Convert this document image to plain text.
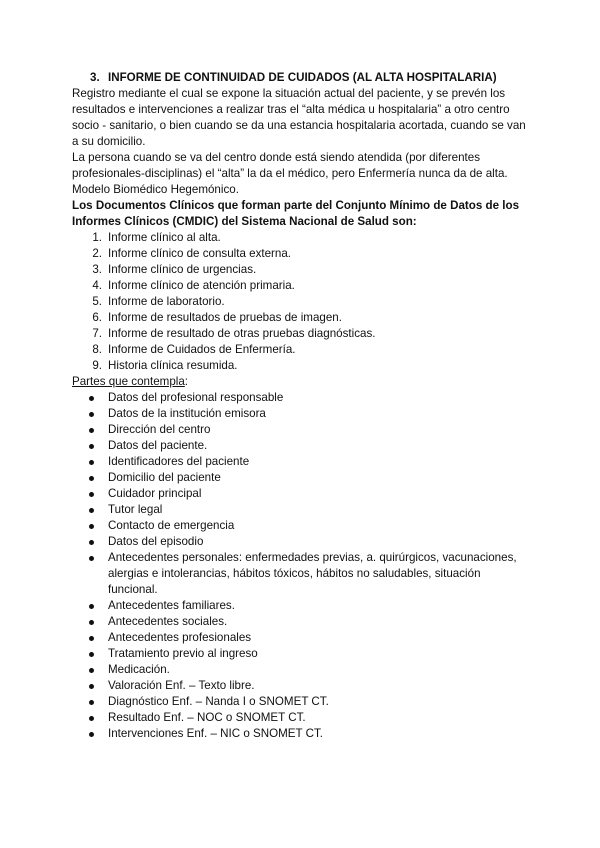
3. INFORME DE CONTINUIDAD DE CUIDADOS (AL ALTA HOSPITALARIA)

Registro mediante el cual se expone la situación actual del paciente, y se prevén los resultados e intervenciones a realizar tras el “alta médica u hospitalaria” a otro centro socio - sanitario, o bien cuando se da una estancia hospitalaria acortada, cuando se van a su domicilio.

La persona cuando se va del centro donde está siendo atendida (por diferentes profesionales-disciplinas) el “alta” la da el médico, pero Enfermería nunca da de alta. Modelo Biomédico Hegemónico.

Los Documentos Clínicos que forman parte del Conjunto Mínimo de Datos de los Informes Clínicos (CMDIC) del Sistema Nacional de Salud son:

1. Informe clínico al alta.
2. Informe clínico de consulta externa.
3. Informe clínico de urgencias.
4. Informe clínico de atención primaria.
5. Informe de laboratorio.
6. Informe de resultados de pruebas de imagen.
7. Informe de resultado de otras pruebas diagnósticas.
8. Informe de Cuidados de Enfermería.
9. Historia clínica resumida.

Partes que contempla:

Datos del profesional responsable
Datos de la institución emisora
Dirección del centro
Datos del paciente.
Identificadores del paciente
Domicilio del paciente
Cuidador principal
Tutor legal
Contacto de emergencia
Datos del episodio
Antecedentes personales: enfermedades previas, a. quirúrgicos, vacunaciones, alergias e intolerancias, hábitos tóxicos, hábitos no saludables, situación funcional.
Antecedentes familiares.
Antecedentes sociales.
Antecedentes profesionales
Tratamiento previo al ingreso
Medicación.
Valoración Enf. – Texto libre.
Diagnóstico Enf. – Nanda I o SNOMET CT.
Resultado Enf. – NOC o SNOMET CT.
Intervenciones Enf. – NIC o SNOMET CT.
